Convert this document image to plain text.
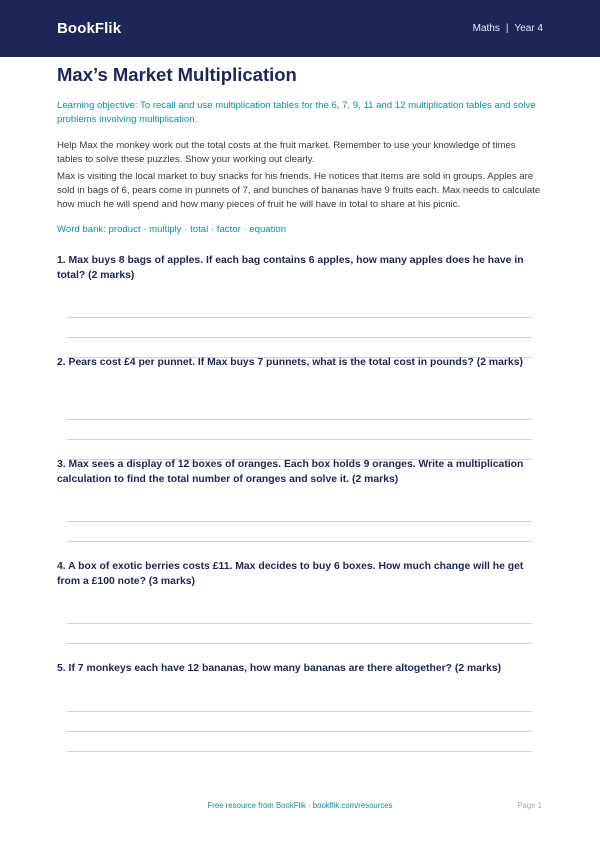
BookFlik	Maths | Year 4
Max’s Market Multiplication

Learning objective: To recall and use multiplication tables for the 6, 7, 9, 11 and 12 multiplication tables and solve problems involving multiplication.

Help Max the monkey work out the total costs at the fruit market. Remember to use your knowledge of times tables to solve these puzzles. Show your working out clearly.

Max is visiting the local market to buy snacks for his friends. He notices that items are sold in groups. Apples are sold in bags of 6, pears come in punnets of 7, and bunches of bananas have 9 fruits each. Max needs to calculate how much he will spend and how many pieces of fruit he will have in total to share at his picnic.

Word bank: product · multiply · total · factor · equation

1. Max buys 8 bags of apples. If each bag contains 6 apples, how many apples does he have in total? (2 marks)

2. Pears cost £4 per punnet. If Max buys 7 punnets, what is the total cost in pounds? (2 marks)

3. Max sees a display of 12 boxes of oranges. Each box holds 9 oranges. Write a multiplication calculation to find the total number of oranges and solve it. (2 marks)

4. A box of exotic berries costs £11. Max decides to buy 6 boxes. How much change will he get from a £100 note? (3 marks)

5. If 7 monkeys each have 12 bananas, how many bananas are there altogether? (2 marks)

Free resource from BookFlik · bookflik.com/resources	Page 1
